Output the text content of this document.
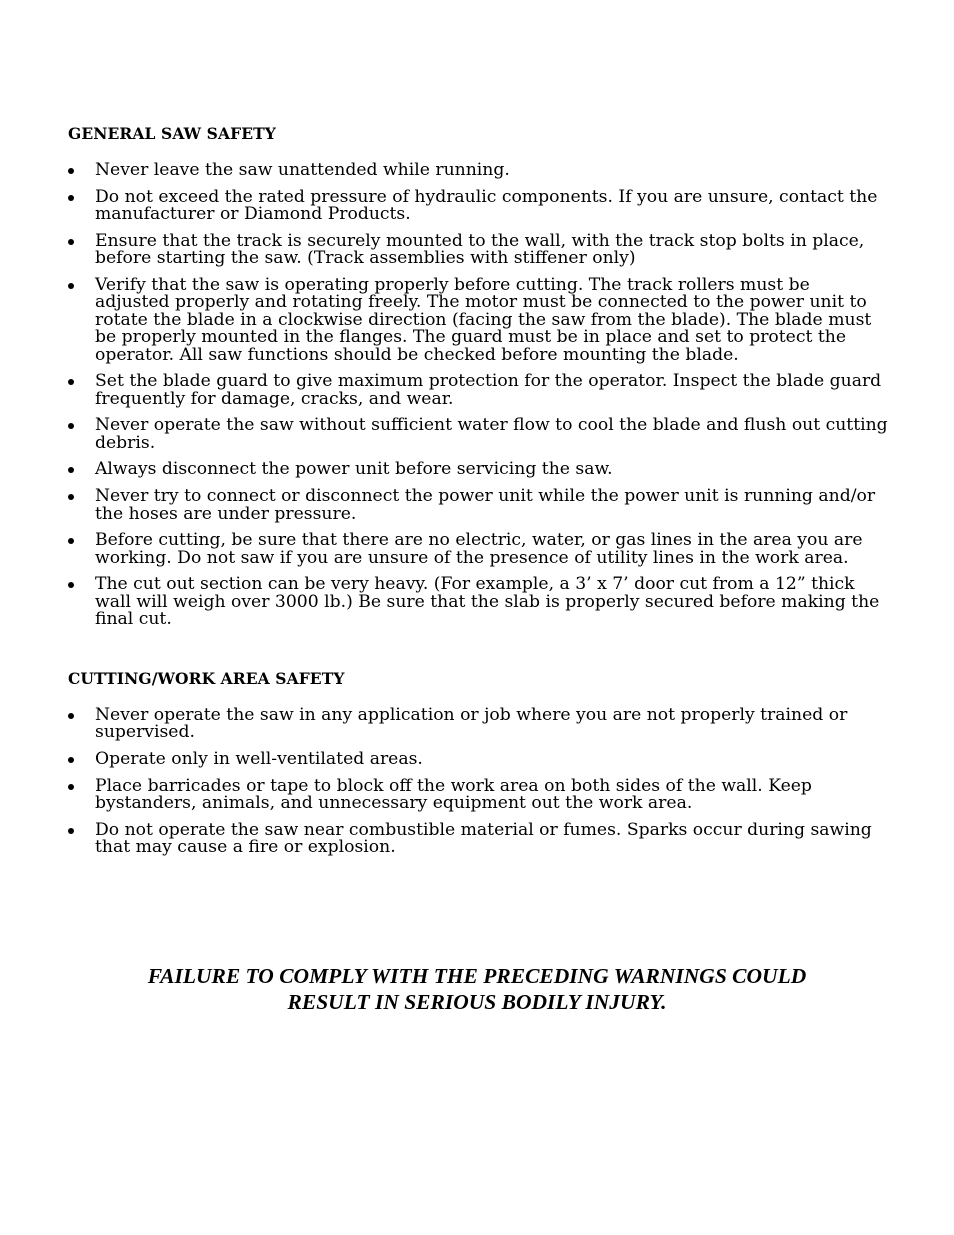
GENERAL SAW SAFETY
Never leave the saw unattended while running.
Do not exceed the rated pressure of hydraulic components. If you are unsure, contact the manufacturer or Diamond Products.
Ensure that the track is securely mounted to the wall, with the track stop bolts in place, before starting the saw. (Track assemblies with stiffener only)
Verify that the saw is operating properly before cutting. The track rollers must be adjusted properly and rotating freely. The motor must be connected to the power unit to rotate the blade in a clockwise direction (facing the saw from the blade). The blade must be properly mounted in the flanges. The guard must be in place and set to protect the operator. All saw functions should be checked before mounting the blade.
Set the blade guard to give maximum protection for the operator. Inspect the blade guard frequently for damage, cracks, and wear.
Never operate the saw without sufficient water flow to cool the blade and flush out cutting debris.
Always disconnect the power unit before servicing the saw.
Never try to connect or disconnect the power unit while the power unit is running and/or the hoses are under pressure.
Before cutting, be sure that there are no electric, water, or gas lines in the area you are working. Do not saw if you are unsure of the presence of utility lines in the work area.
The cut out section can be very heavy. (For example, a 3’ x 7’ door cut from a 12” thick wall will weigh over 3000 lb.) Be sure that the slab is properly secured before making the final cut.
CUTTING/WORK AREA SAFETY
Never operate the saw in any application or job where you are not properly trained or supervised.
Operate only in well-ventilated areas.
Place barricades or tape to block off the work area on both sides of the wall. Keep bystanders, animals, and unnecessary equipment out the work area.
Do not operate the saw near combustible material or fumes. Sparks occur during sawing that may cause a fire or explosion.
FAILURE TO COMPLY WITH THE PRECEDING WARNINGS COULD
RESULT IN SERIOUS BODILY INJURY.
